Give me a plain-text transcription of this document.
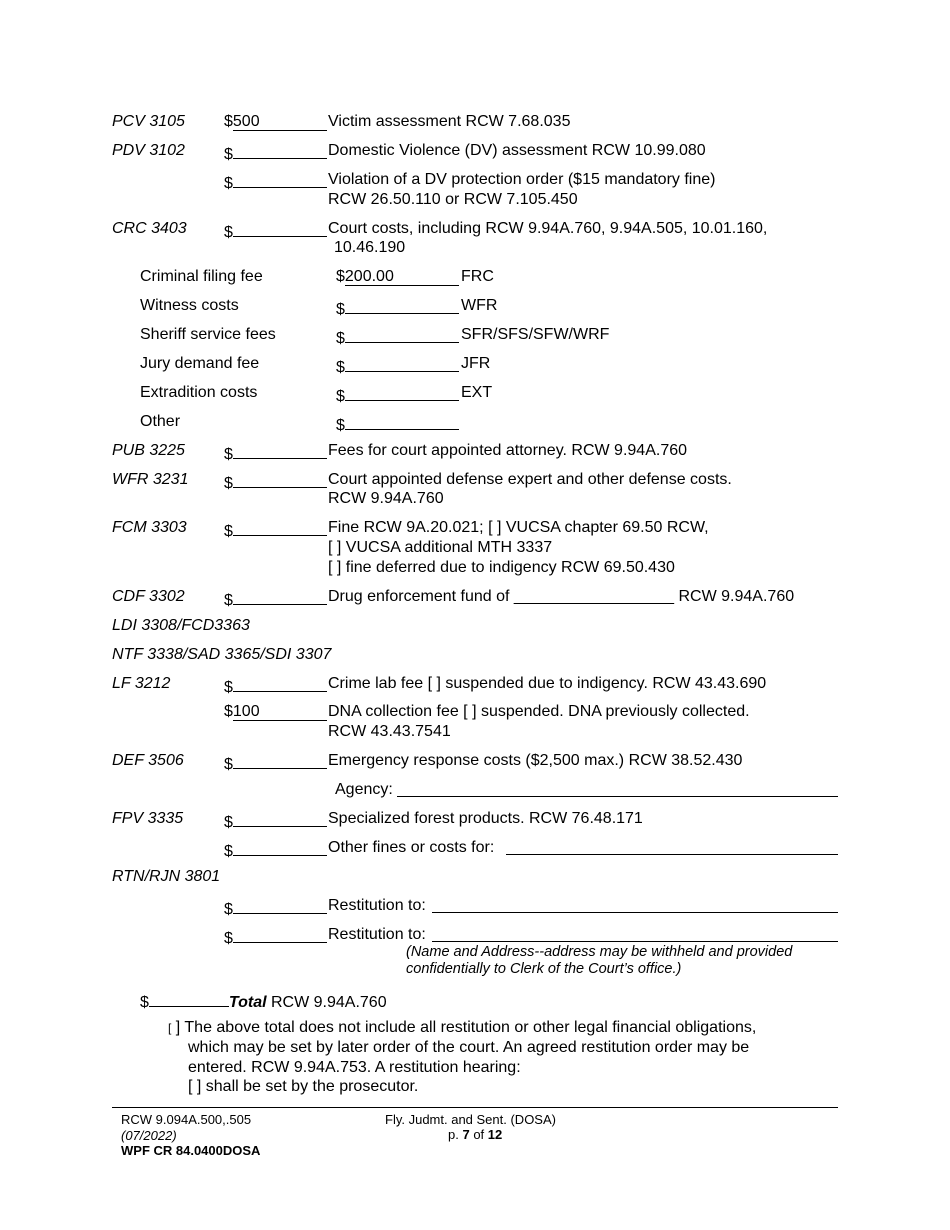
PCV 3105 $500	Victim assessment RCW 7.68.035
PDV 3102 $	Domestic Violence (DV) assessment RCW 10.99.080
$	Violation of a DV protection order ($15 mandatory fine)
RCW 26.50.110 or RCW 7.105.450
CRC 3403 $	Court costs, including RCW 9.94A.760, 9.94A.505, 10.01.160,
10.46.190
Criminal filing fee	$200.00	FRC
Witness costs	$	WFR
Sheriff service fees	$	SFR/SFS/SFW/WRF
Jury demand fee	$	JFR
Extradition costs	$	EXT
Other	$
PUB 3225 $	Fees for court appointed attorney. RCW 9.94A.760
WFR 3231 $	Court appointed defense expert and other defense costs.
RCW 9.94A.760
FCM 3303 $	Fine RCW 9A.20.021; [ ] VUCSA chapter 69.50 RCW,
[ ] VUCSA additional MTH 3337
[ ] fine deferred due to indigency RCW 69.50.430
CDF 3302 $	Drug enforcement fund of __________________ RCW 9.94A.760
LDI 3308/FCD3363
NTF 3338/SAD 3365/SDI 3307
LF 3212	$	Crime lab fee [ ] suspended due to indigency. RCW 43.43.690
$100	DNA collection fee [ ] suspended. DNA previously collected.
RCW 43.43.7541
DEF 3506	$	Emergency response costs ($2,500 max.) RCW 38.52.430
Agency:
FPV 3335	$	Specialized forest products. RCW 76.48.171
$	Other fines or costs for:
RTN/RJN 3801
$	Restitution to:
$	Restitution to:
(Name and Address--address may be withheld and provided
confidentially to Clerk of the Court’s office.)
$	Total RCW 9.94A.760
[ ] The above total does not include all restitution or other legal financial obligations,
which may be set by later order of the court. An agreed restitution order may be
entered. RCW 9.94A.753. A restitution hearing:
[ ] shall be set by the prosecutor.
RCW 9.094A.500,.505
(07/2022)
WPF CR 84.0400DOSA
Fly. Judmt. and Sent. (DOSA)
p. 7 of 12
